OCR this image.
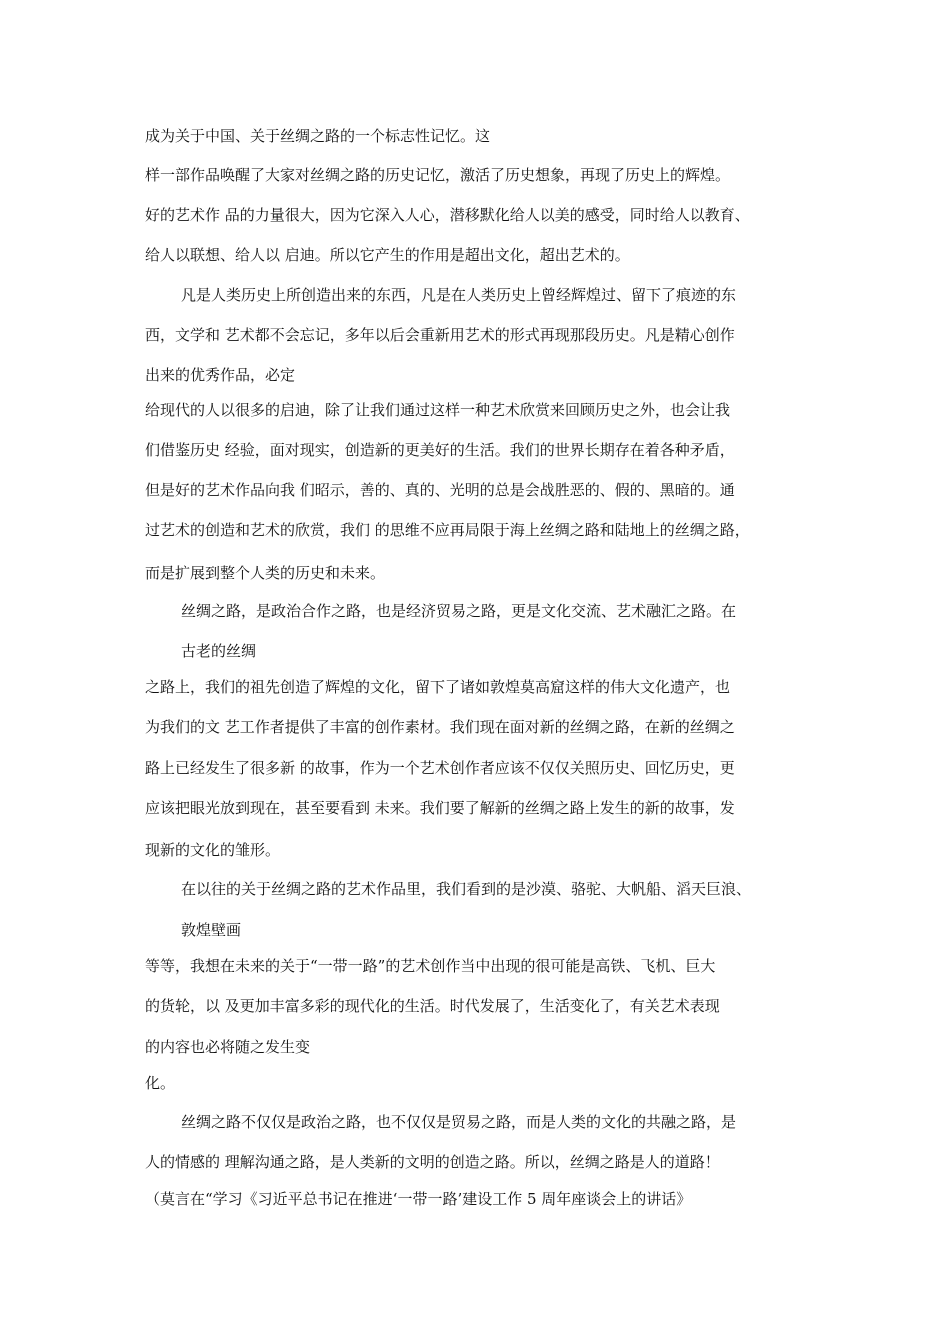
成为关于中国、关于丝绸之路的一个标志性记忆。这
样一部作品唤醒了大家对丝绸之路的历史记忆，激活了历史想象，再现了历史上的辉煌。
好的艺术作 品的力量很大，因为它深入人心，潜移默化给人以美的感受，同时给人以教育、
给人以联想、给人以 启迪。所以它产生的作用是超出文化，超出艺术的。
凡是人类历史上所创造出来的东西，凡是在人类历史上曾经辉煌过、留下了痕迹的东
西，文学和 艺术都不会忘记，多年以后会重新用艺术的形式再现那段历史。凡是精心创作
出来的优秀作品，必定
给现代的人以很多的启迪，除了让我们通过这样一种艺术欣赏来回顾历史之外，也会让我
们借鉴历史 经验，面对现实，创造新的更美好的生活。我们的世界长期存在着各种矛盾，
但是好的艺术作品向我 们昭示，善的、真的、光明的总是会战胜恶的、假的、黑暗的。通
过艺术的创造和艺术的欣赏，我们 的思维不应再局限于海上丝绸之路和陆地上的丝绸之路，
而是扩展到整个人类的历史和未来。
丝绸之路，是政治合作之路，也是经济贸易之路，更是文化交流、艺术融汇之路。在
古老的丝绸
之路上，我们的祖先创造了辉煌的文化，留下了诸如敦煌莫高窟这样的伟大文化遗产，也
为我们的文 艺工作者提供了丰富的创作素材。我们现在面对新的丝绸之路，在新的丝绸之
路上已经发生了很多新 的故事，作为一个艺术创作者应该不仅仅关照历史、回忆历史，更
应该把眼光放到现在，甚至要看到 未来。我们要了解新的丝绸之路上发生的新的故事，发
现新的文化的雏形。
在以往的关于丝绸之路的艺术作品里，我们看到的是沙漠、骆驼、大帆船、滔天巨浪、
敦煌壁画
等等，我想在未来的关于“一带一路”的艺术创作当中出现的很可能是高铁、飞机、巨大
的货轮，以 及更加丰富多彩的现代化的生活。时代发展了，生活变化了，有关艺术表现
的内容也必将随之发生变
化。
丝绸之路不仅仅是政治之路，也不仅仅是贸易之路，而是人类的文化的共融之路，是
人的情感的 理解沟通之路，是人类新的文明的创造之路。所以，丝绸之路是人的道路！
（莫言在“学习《习近平总书记在推进‘一带一路’建设工作 5 周年座谈会上的讲话》
